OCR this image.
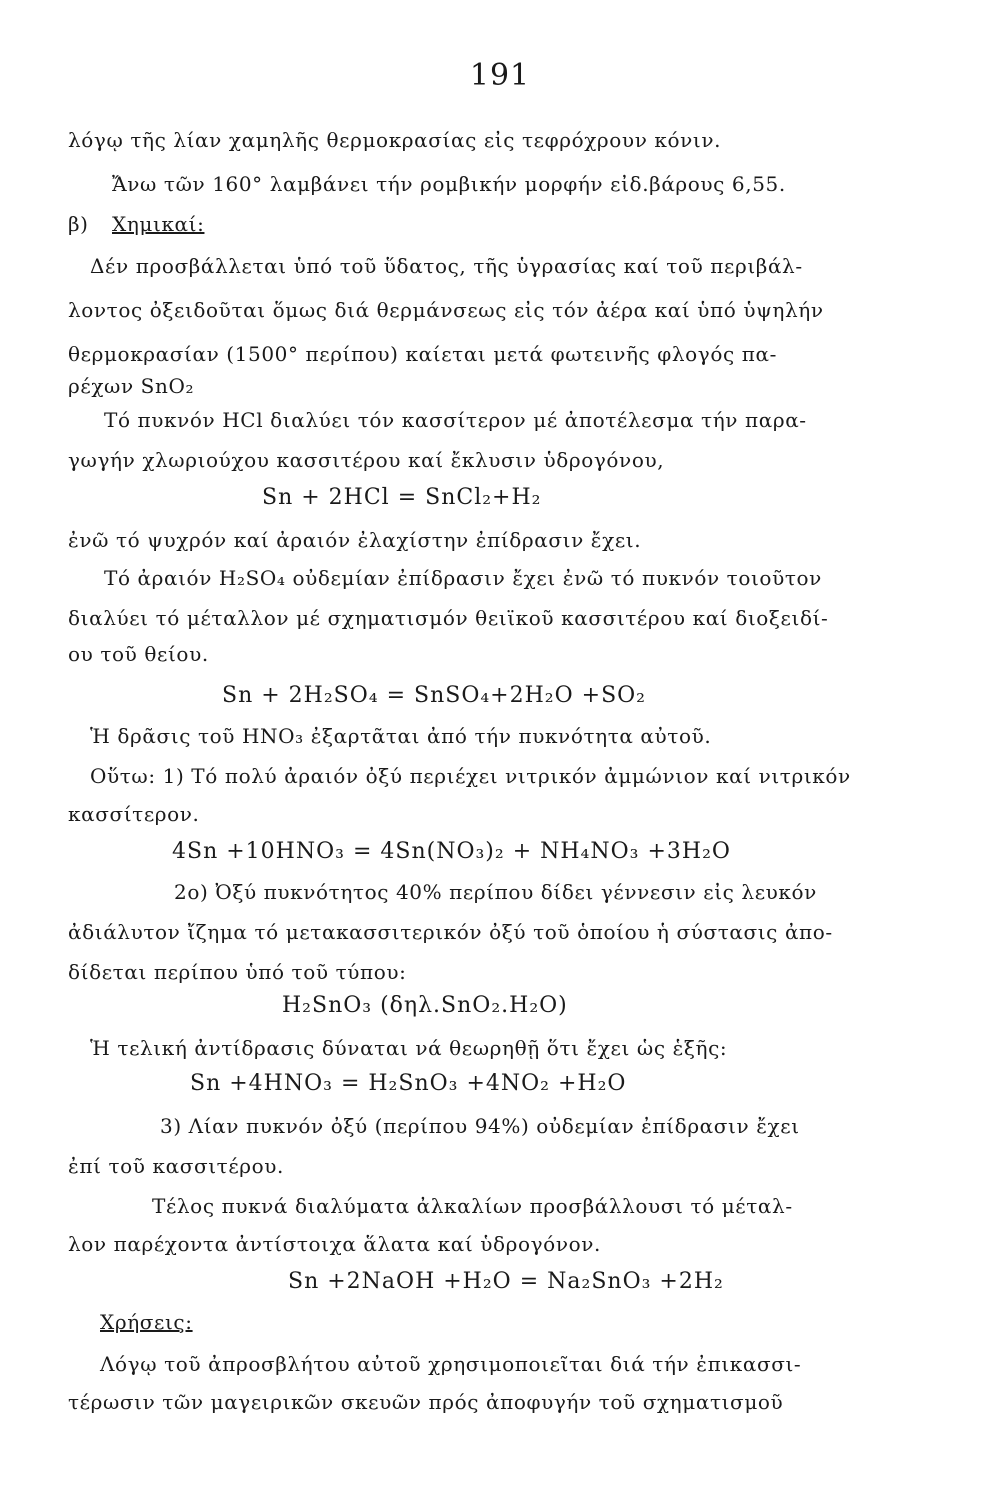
191
λόγῳ τῆς λίαν χαμηλῆς θερμοκρασίας εἰς τεφρόχρουν κόνιν.
Ἄνω τῶν 160° λαμβάνει τήν ρομβικήν μορφήν εἰδ.βάρους 6,55.
β) Χημικαί:
Δέν προσβάλλεται ὑπό τοῦ ὕδατος, τῆς ὑγρασίας καί τοῦ περιβάλ-
λοντος ὀξειδοῦται ὅμως διά θερμάνσεως εἰς τόν ἀέρα καί ὑπό ὑψηλήν
θερμοκρασίαν (1500° περίπου) καίεται μετά φωτεινῆς φλογός πα-
ρέχων SnO₂
Τό πυκνόν HCl διαλύει τόν κασσίτερον μέ ἀποτέλεσμα τήν παρα-
γωγήν χλωριούχου κασσιτέρου καί ἔκλυσιν ὑδρογόνου,
Sn + 2HCl = SnCl₂+H₂
ἐνῶ τό ψυχρόν καί ἀραιόν ἐλαχίστην ἐπίδρασιν ἔχει.
Τό ἀραιόν H₂SO₄ οὐδεμίαν ἐπίδρασιν ἔχει ἐνῶ τό πυκνόν τοιοῦτον
διαλύει τό μέταλλον μέ σχηματισμόν θειϊκοῦ κασσιτέρου καί διοξειδί-
ου τοῦ θείου.
Sn + 2H₂SO₄ = SnSO₄+2H₂O +SO₂
Ἡ δρᾶσις τοῦ HNO₃ ἐξαρτᾶται ἀπό τήν πυκνότητα αὐτοῦ.
Οὕτω: 1) Τό πολύ ἀραιόν ὀξύ περιέχει νιτρικόν ἀμμώνιον καί νιτρικόν
κασσίτερον.
4Sn +10HNO₃ = 4Sn(NO₃)₂ + NH₄NO₃ +3H₂O
2ο) Ὀξύ πυκνότητος 40% περίπου δίδει γέννεσιν εἰς λευκόν
ἀδιάλυτον ἴζημα τό μετακασσιτερικόν ὀξύ τοῦ ὁποίου ἡ σύστασις ἀπο-
δίδεται περίπου ὑπό τοῦ τύπου:
H₂SnO₃ (δηλ.SnO₂.H₂O)
Ἡ τελική ἀντίδρασις δύναται νά θεωρηθῇ ὅτι ἔχει ὡς ἑξῆς:
Sn +4HNO₃ = H₂SnO₃ +4NO₂ +H₂O
3) Λίαν πυκνόν ὀξύ (περίπου 94%) οὐδεμίαν ἐπίδρασιν ἔχει
ἐπί τοῦ κασσιτέρου.
Τέλος πυκνά διαλύματα ἀλκαλίων προσβάλλουσι τό μέταλ-
λον παρέχοντα ἀντίστοιχα ἅλατα καί ὑδρογόνον.
Sn +2NaOH +H₂O = Na₂SnO₃ +2H₂
Χρήσεις:
Λόγῳ τοῦ ἀπροσβλήτου αὐτοῦ χρησιμοποιεῖται διά τήν ἐπικασσι-
τέρωσιν τῶν μαγειρικῶν σκευῶν πρός ἀποφυγήν τοῦ σχηματισμοῦ
